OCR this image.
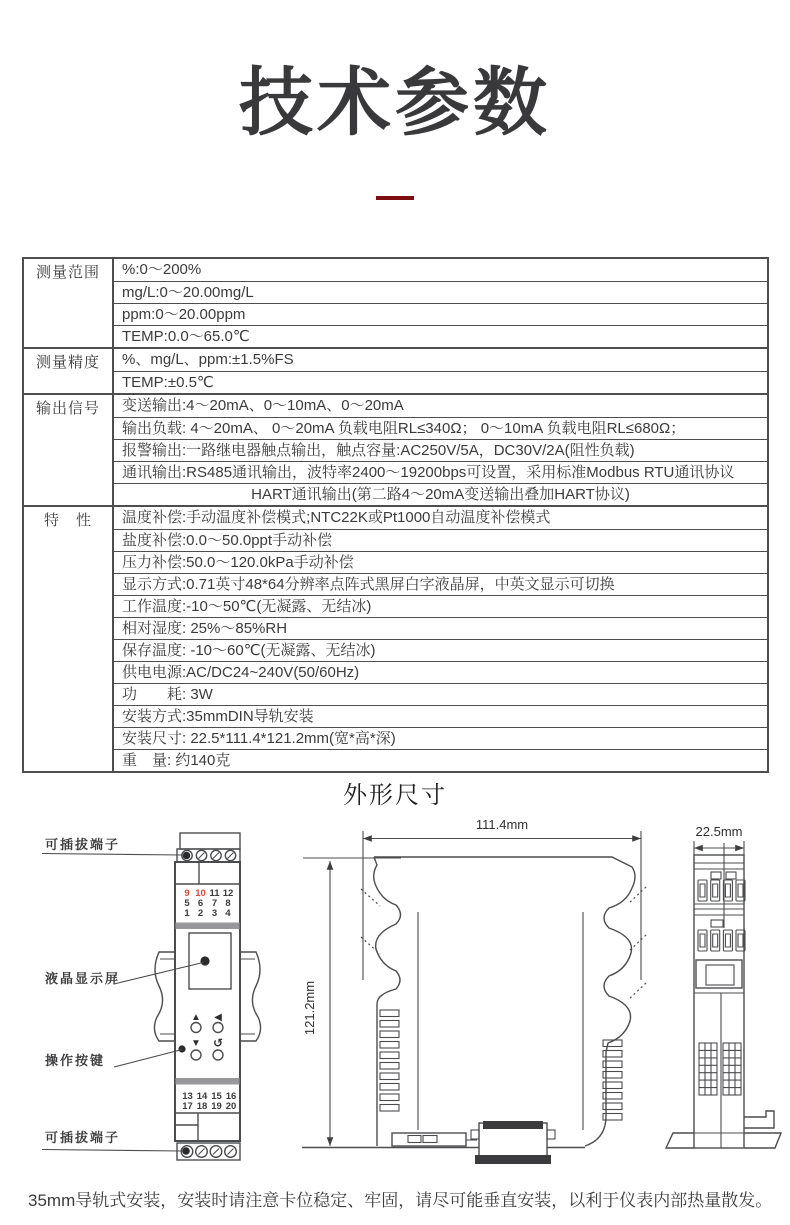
技术参数
测量范围	%:0～200%
mg/L:0～20.00mg/L
ppm:0～20.00ppm
TEMP:0.0～65.0℃
测量精度	%、mg/L、ppm:±1.5%FS
TEMP:±0.5℃
输出信号	变送输出:4～20mA、0～10mA、0～20mA
输出负载: 4～20mA、 0～20mA 负载电阻RL≤340Ω； 0～10mA 负载电阻RL≤680Ω；
报警输出:一路继电器触点输出，触点容量:AC250V/5A，DC30V/2A(阻性负载)
通讯输出:RS485通讯输出，波特率2400～19200bps可设置，采用标准Modbus RTU通讯协议
HART通讯输出(第二路4～20mA变送输出叠加HART协议)
特　性	温度补偿:手动温度补偿模式;NTC22K或Pt1000自动温度补偿模式
盐度补偿:0.0～50.0ppt手动补偿
压力补偿:50.0～120.0kPa手动补偿
显示方式:0.71英寸48*64分辨率点阵式黑屏白字液晶屏，中英文显示可切换
工作温度:-10～50℃(无凝露、无结冰)
相对湿度: 25%～85%RH
保存温度: -10～60℃(无凝露、无结冰)
供电电源:AC/DC24~240V(50/60Hz)
功　　耗: 3W
安装方式:35mmDIN导轨安装
安装尺寸: 22.5*111.4*121.2mm(宽*高*深)
重　量: 约140克
外形尺寸
9 10 11 12
5 6 7 8
1 2 3 4
▲ ◀
▼ ↺
13 14 15 16
17 18 19 20
可插拔端子
液晶显示屏
操作按键
可插拔端子
111.4mm
121.2mm
22.5mm
35mm导轨式安装，安装时请注意卡位稳定、牢固，请尽可能垂直安装，以利于仪表内部热量散发。
